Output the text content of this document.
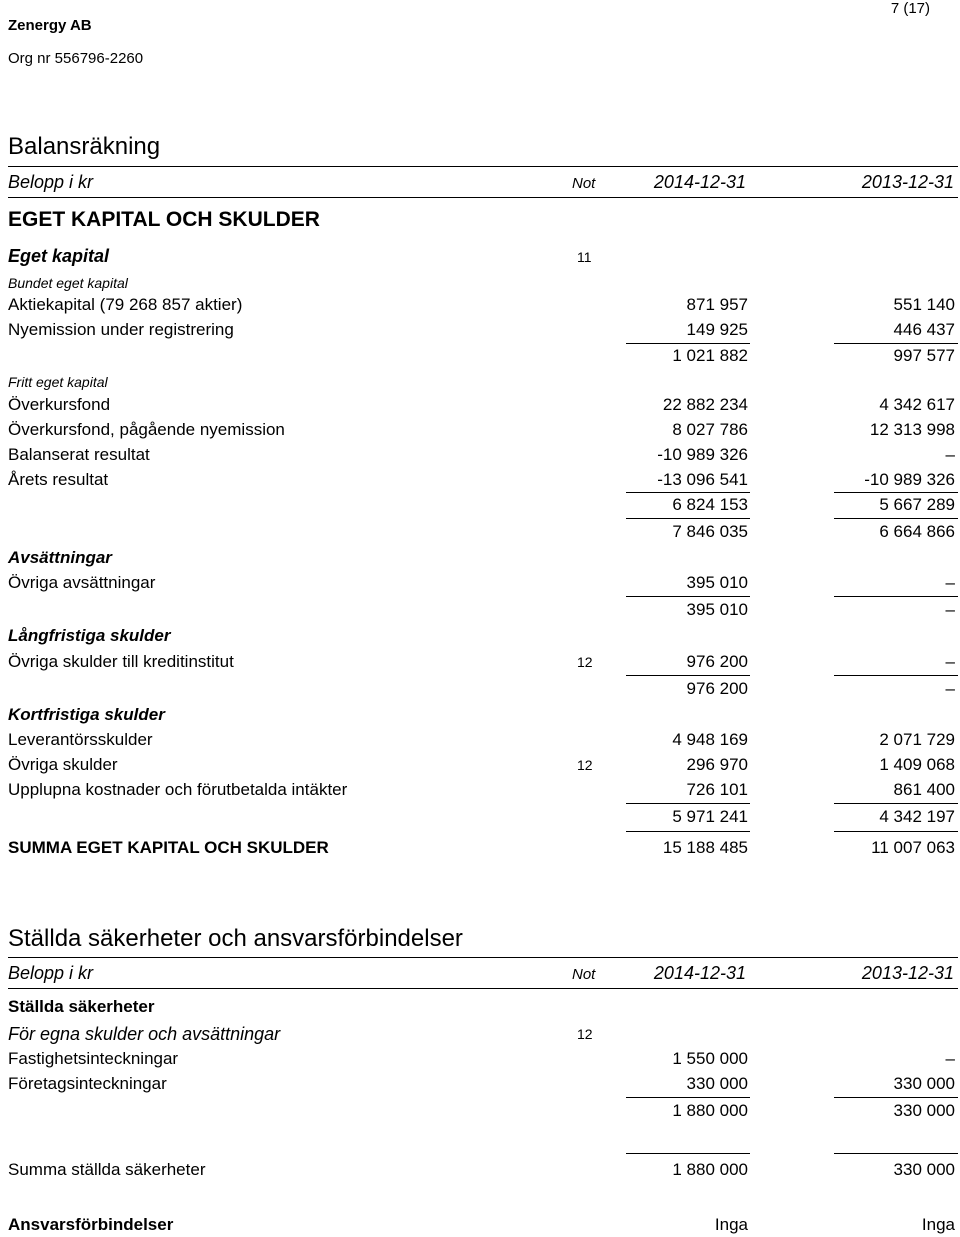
Zenergy AB
Org nr 556796-2260
7 (17)
Balansräkning
Belopp i kr	Not	2014-12-31	2013-12-31
EGET KAPITAL OCH SKULDER
Eget kapital	11
Bundet eget kapital
Aktiekapital (79 268 857 aktier)	871 957	551 140
Nyemission under registrering	149 925	446 437
1 021 882	997 577
Fritt eget kapital
Överkursfond	22 882 234	4 342 617
Överkursfond, pågående nyemission	8 027 786	12 313 998
Balanserat resultat	-10 989 326	–
Årets resultat	-13 096 541	-10 989 326
6 824 153	5 667 289
7 846 035	6 664 866
Avsättningar
Övriga avsättningar	395 010	–
395 010	–
Långfristiga skulder
Övriga skulder till kreditinstitut	12	976 200	–
976 200	–
Kortfristiga skulder
Leverantörsskulder	4 948 169	2 071 729
Övriga skulder	12	296 970	1 409 068
Upplupna kostnader och förutbetalda intäkter	726 101	861 400
5 971 241	4 342 197
SUMMA EGET KAPITAL OCH SKULDER	15 188 485	11 007 063
Ställda säkerheter och ansvarsförbindelser
Belopp i kr	Not	2014-12-31	2013-12-31
Ställda säkerheter
För egna skulder och avsättningar	12
Fastighetsinteckningar	1 550 000	–
Företagsinteckningar	330 000	330 000
1 880 000	330 000
Summa ställda säkerheter	1 880 000	330 000
Ansvarsförbindelser	Inga	Inga
